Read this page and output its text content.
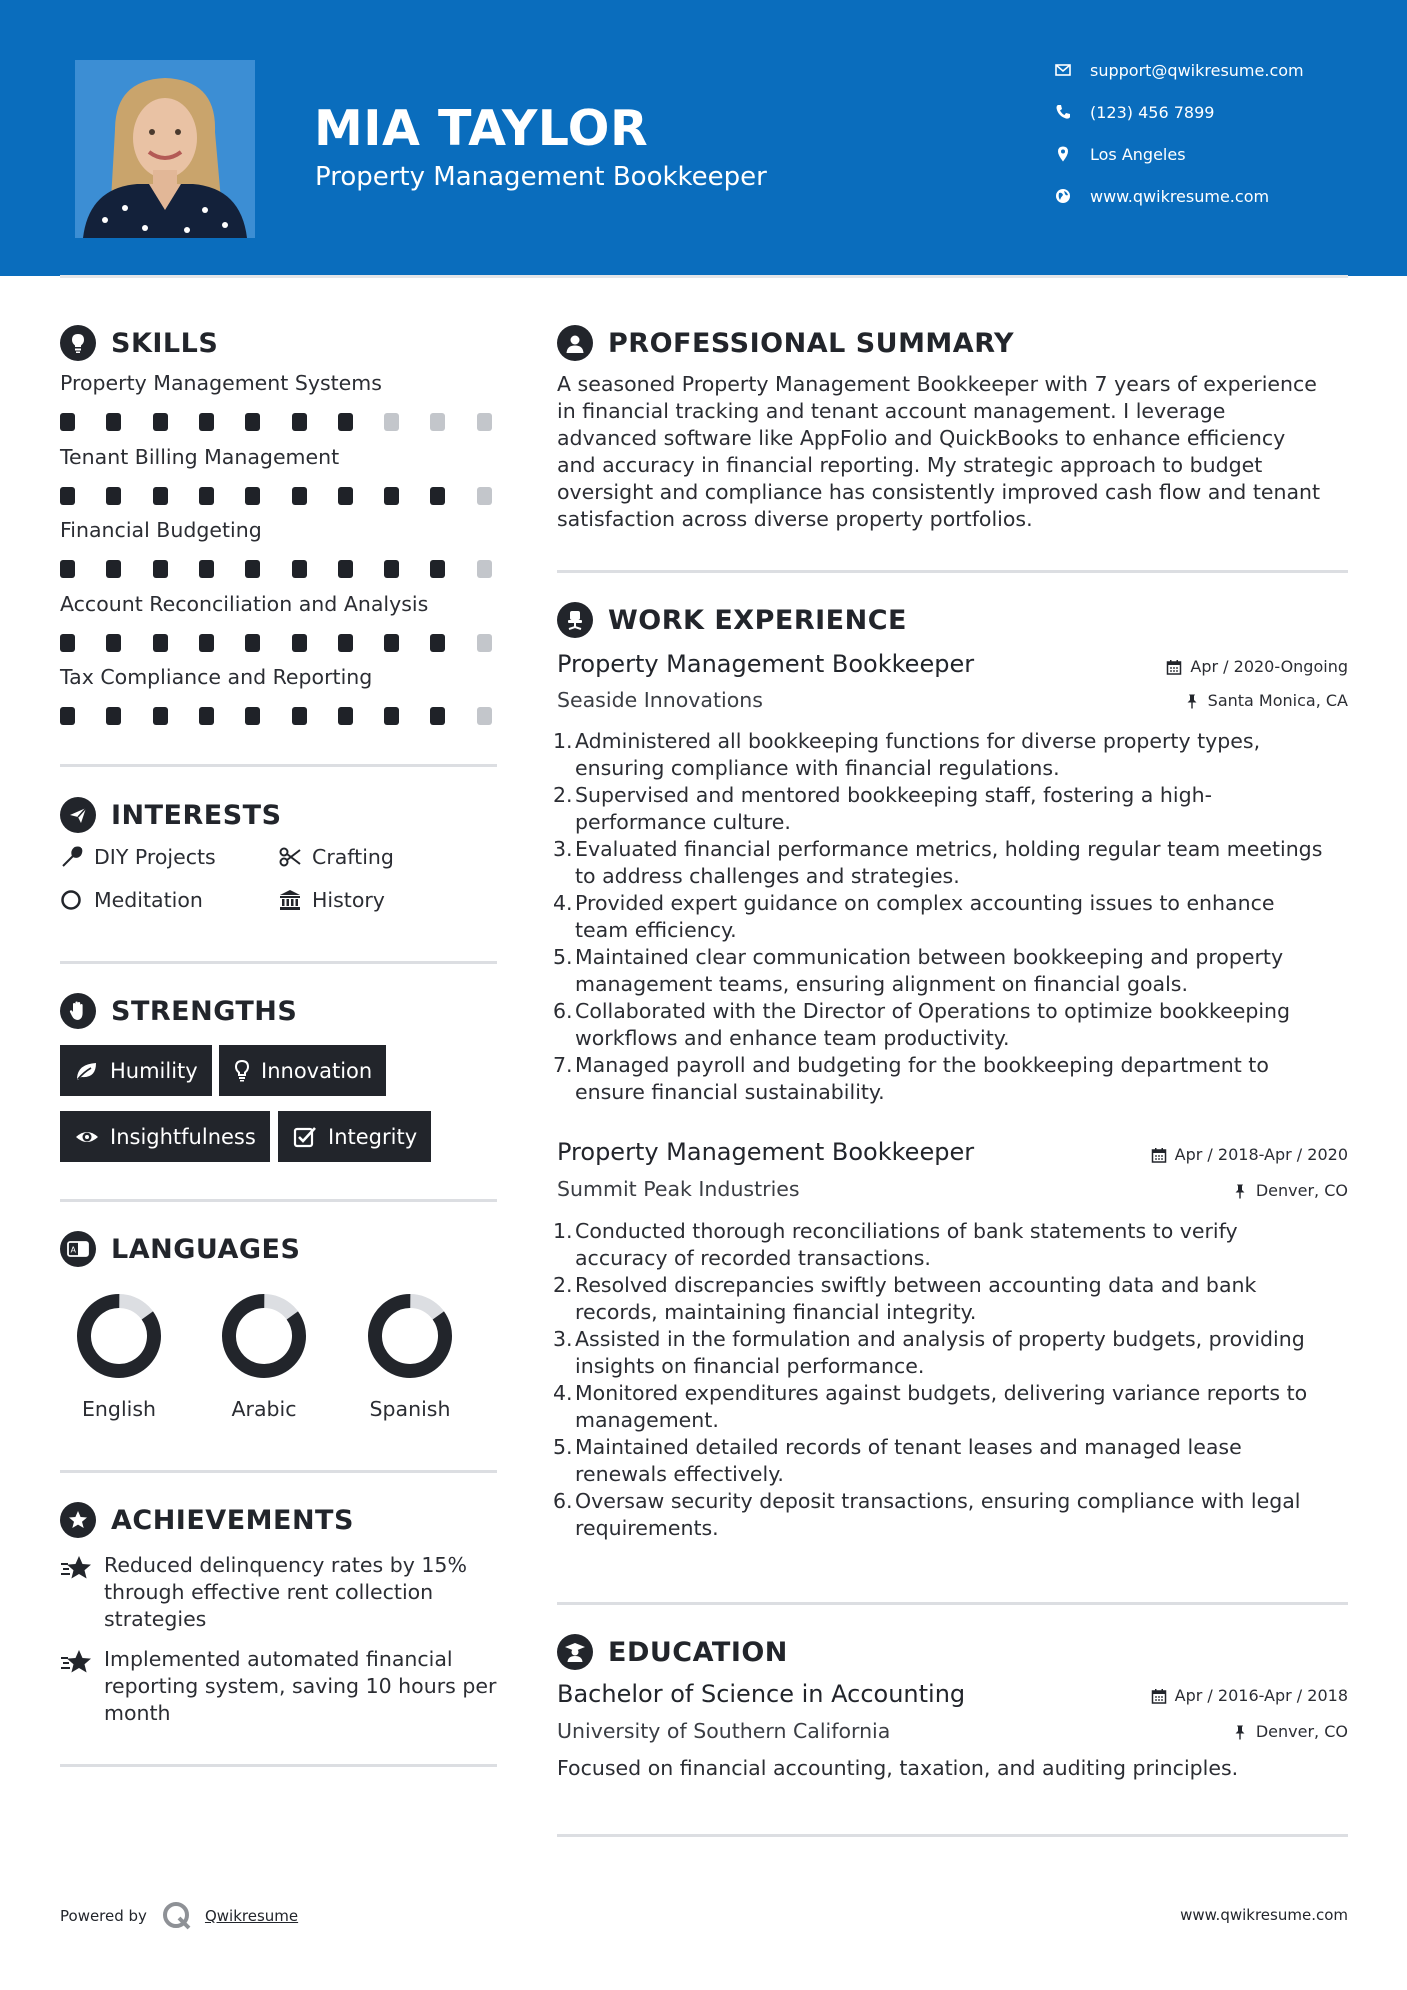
MIA TAYLOR
Property Management Bookkeeper
support@qwikresume.com
(123) 456 7899
Los Angeles
www.qwikresume.com
SKILLS
Property Management Systems
Tenant Billing Management
Financial Budgeting
Account Reconciliation and Analysis
Tax Compliance and Reporting
INTERESTS
DIY Projects	Crafting
Meditation	History
STRENGTHS
Humility	Innovation
Insightfulness	Integrity
A LANGUAGES
English	Arabic	Spanish
ACHIEVEMENTS
Reduced delinquency rates by 15%
through effective rent collection
strategies
Implemented automated financial
reporting system, saving 10 hours per
month
PROFESSIONAL SUMMARY
A seasoned Property Management Bookkeeper with 7 years of experience
in financial tracking and tenant account management. I leverage
advanced software like AppFolio and QuickBooks to enhance efficiency
and accuracy in financial reporting. My strategic approach to budget
oversight and compliance has consistently improved cash flow and tenant
satisfaction across diverse property portfolios.
WORK EXPERIENCE
Property Management Bookkeeper	Apr / 2020-Ongoing
Seaside Innovations	Santa Monica, CA
1. Administered all bookkeeping functions for diverse property types,
ensuring compliance with financial regulations.
2. Supervised and mentored bookkeeping staff, fostering a high-
performance culture.
3. Evaluated financial performance metrics, holding regular team meetings
to address challenges and strategies.
4. Provided expert guidance on complex accounting issues to enhance
team efficiency.
5. Maintained clear communication between bookkeeping and property
management teams, ensuring alignment on financial goals.
6. Collaborated with the Director of Operations to optimize bookkeeping
workflows and enhance team productivity.
7. Managed payroll and budgeting for the bookkeeping department to
ensure financial sustainability.
Property Management Bookkeeper	Apr / 2018-Apr / 2020
Summit Peak Industries	Denver, CO
1. Conducted thorough reconciliations of bank statements to verify
accuracy of recorded transactions.
2. Resolved discrepancies swiftly between accounting data and bank
records, maintaining financial integrity.
3. Assisted in the formulation and analysis of property budgets, providing
insights on financial performance.
4. Monitored expenditures against budgets, delivering variance reports to
management.
5. Maintained detailed records of tenant leases and managed lease
renewals effectively.
6. Oversaw security deposit transactions, ensuring compliance with legal
requirements.
EDUCATION
Bachelor of Science in Accounting	Apr / 2016-Apr / 2018
University of Southern California	Denver, CO
Focused on financial accounting, taxation, and auditing principles.
Powered by	Qwikresume	www.qwikresume.com
